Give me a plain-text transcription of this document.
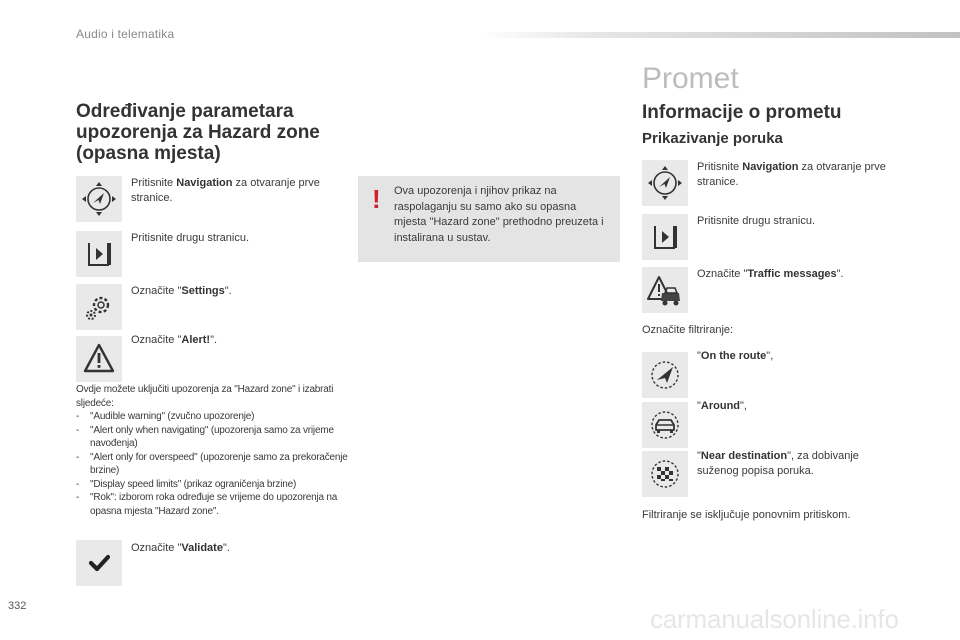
Audio i telematika
Određivanje parametara upozorenja za Hazard zone (opasna mjesta)
Pritisnite Navigation za otvaranje prve stranice.
Pritisnite drugu stranicu.
Označite "Settings".
Označite "Alert!".
Ovdje možete uključiti upozorenja za "Hazard zone" i izabrati sljedeće:
- "Audible warning" (zvučno upozorenje)
- "Alert only when navigating" (upozorenja samo za vrijeme navođenja)
- "Alert only for overspeed" (upozorenje samo za prekoračenje brzine)
- "Display speed limits" (prikaz ograničenja brzine)
- "Rok": izborom roka određuje se vrijeme do upozorenja na opasna mjesta "Hazard zone".
Označite "Validate".
! Ova upozorenja i njihov prikaz na raspolaganju su samo ako su opasna mjesta "Hazard zone" prethodno preuzeta i instalirana u sustav.
Promet
Informacije o prometu
Prikazivanje poruka
Pritisnite Navigation za otvaranje prve stranice.
Pritisnite drugu stranicu.
Označite "Traffic messages".
Označite filtriranje:
"On the route",
"Around",
"Near destination", za dobivanje suženog popisa poruka.
Filtriranje se isključuje ponovnim pritiskom.
332	carmanualsonline.info
